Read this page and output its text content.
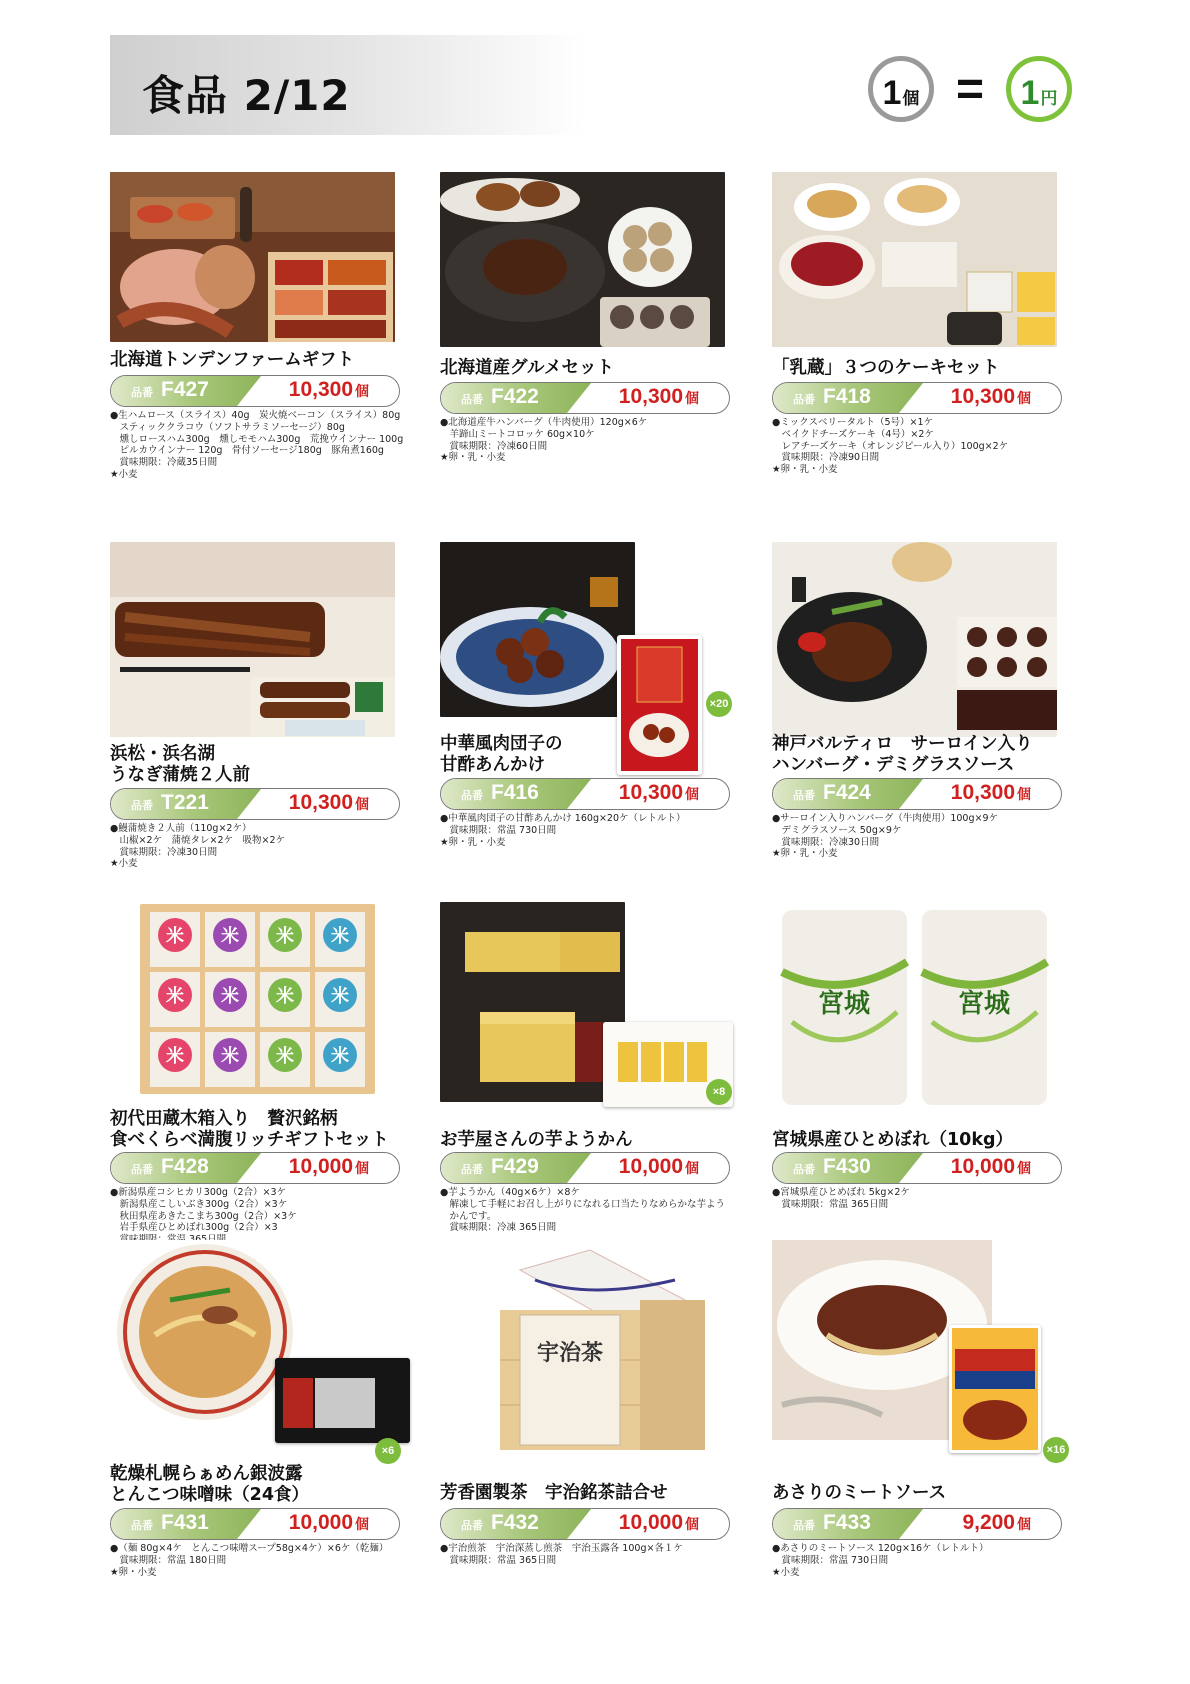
食品 2/12	1 個 = 1 円
北海道トンデンファームギフト
品番 F427	10,300 個
●生ハムロース（スライス）40g　炭火焼ベーコン（スライス）80g
　スティッククラコウ（ソフトサラミソーセージ）80g
　燻しロースハム300g　燻しモモハム300g　荒挽ウインナー 100g
　ピルカウインナー 120g　骨付ソーセージ180g　豚角煮160g
　賞味期限：冷蔵35日間
★小麦
北海道産グルメセット
品番 F422	10,300 個
●北海道産牛ハンバーグ（牛肉使用）120g×6ケ
　羊蹄山ミートコロッケ 60g×10ケ
　賞味期限：冷凍60日間
★卵・乳・小麦
「乳蔵」３つのケーキセット
品番 F418	10,300 個
●ミックスベリータルト（5号）×1ケ
　ベイクドチーズケーキ（4号）×2ケ
　レアチーズケーキ（オレンジピール入り）100g×2ケ
　賞味期限：冷凍90日間
★卵・乳・小麦
浜松・浜名湖
うなぎ蒲焼２人前
品番 T221	10,300 個
●鰻蒲焼き２人前（110g×2ケ）
　山椒×2ケ　蒲焼タレ×2ケ　吸物×2ケ
　賞味期限：冷凍30日間
★小麦
×20
中華風肉団子の
甘酢あんかけ
品番 F416	10,300 個
●中華風肉団子の甘酢あんかけ 160g×20ケ（レトルト）
　賞味期限：常温 730日間
★卵・乳・小麦
神戸バルティロ　サーロイン入り
ハンバーグ・デミグラスソース
品番 F424	10,300 個
●サーロイン入りハンバーグ（牛肉使用）100g×9ケ
　デミグラスソース 50g×9ケ
　賞味期限：冷凍30日間
★卵・乳・小麦
米 米 米 米
米 米 米 米
米 米 米 米
初代田蔵木箱入り　贅沢銘柄
食べくらべ満腹リッチギフトセット
品番 F428	10,000 個
●新潟県産コシヒカリ300g（2合）×3ケ
　新潟県産こしいぶき300g（2合）×3ケ
　秋田県産あきたこまち300g（2合）×3ケ
　岩手県産ひとめぼれ300g（2合）×3
×8
お芋屋さんの芋ようかん
品番 F429	10,000 個
●芋ようかん（40g×6ケ）×8ケ
　解凍して手軽にお召し上がりになれる口当たりなめらかな芋よう
　かんです。
　賞味期限：冷凍 365日間
宮城	宮城
宮城県産ひとめぼれ（10kg）
品番 F430	10,000 個
●宮城県産ひとめぼれ 5kg×2ケ
　賞味期限：常温 365日間
×6
乾燥札幌らぁめん銀波露
とんこつ味噌味（24食）
品番 F431	10,000 個
●（麺 80g×4ケ　とんこつ味噌スープ58g×4ケ）×6ケ（乾麺）
　賞味期限：常温 180日間
★卵・小麦
宇治茶
芳香園製茶　宇治銘茶詰合せ
品番 F432	10,000 個
●宇治煎茶　宇治深蒸し煎茶　宇治玉露各 100g×各１ケ
　賞味期限：常温 365日間
×16
あさりのミートソース
品番 F433	9,200 個
●あさりのミートソース 120g×16ケ（レトルト）
　賞味期限：常温 730日間
★小麦
